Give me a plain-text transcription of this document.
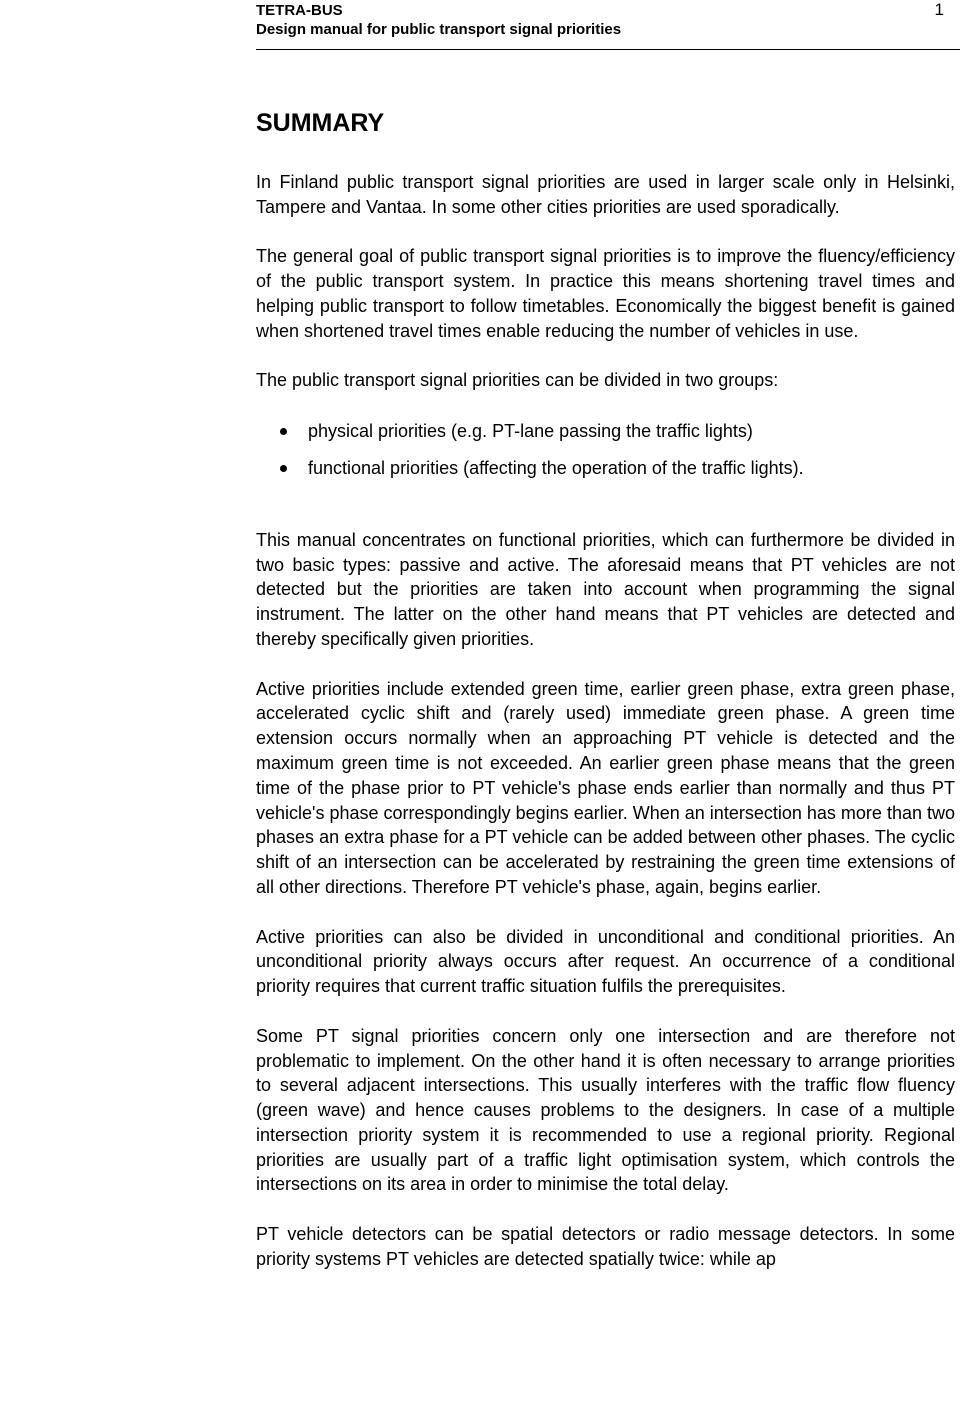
TETRA-BUS
Design manual for public transport signal priorities
1
SUMMARY

In Finland public transport signal priorities are used in larger scale only in Helsinki, Tampere and Vantaa. In some other cities priorities are used sporadically.

The general goal of public transport signal priorities is to improve the fluency/efficiency of the public transport system. In practice this means shortening travel times and helping public transport to follow timetables. Economically the biggest benefit is gained when shortened travel times enable reducing the number of vehicles in use.

The public transport signal priorities can be divided in two groups:

physical priorities (e.g. PT-lane passing the traffic lights)
functional priorities (affecting the operation of the traffic lights).

This manual concentrates on functional priorities, which can furthermore be divided in two basic types: passive and active. The aforesaid means that PT vehicles are not detected but the priorities are taken into account when programming the signal instrument. The latter on the other hand means that PT vehicles are detected and thereby specifically given priorities.

Active priorities include extended green time, earlier green phase, extra green phase, accelerated cyclic shift and (rarely used) immediate green phase. A green time extension occurs normally when an approaching PT vehicle is detected and the maximum green time is not exceeded. An earlier green phase means that the green time of the phase prior to PT vehicle's phase ends earlier than normally and thus PT vehicle's phase correspondingly begins earlier. When an intersection has more than two phases an extra phase for a PT vehicle can be added between other phases. The cyclic shift of an intersection can be accelerated by restraining the green time extensions of all other directions. Therefore PT vehicle's phase, again, begins earlier.

Active priorities can also be divided in unconditional and conditional priorities. An unconditional priority always occurs after request. An occurrence of a conditional priority requires that current traffic situation fulfils the prerequisites.

Some PT signal priorities concern only one intersection and are therefore not problematic to implement. On the other hand it is often necessary to arrange priorities to several adjacent intersections. This usually interferes with the traffic flow fluency (green wave) and hence causes problems to the designers. In case of a multiple intersection priority system it is recommended to use a regional priority. Regional priorities are usually part of a traffic light optimisation system, which controls the intersections on its area in order to minimise the total delay.

PT vehicle detectors can be spatial detectors or radio message detectors. In some priority systems PT vehicles are detected spatially twice: while ap
